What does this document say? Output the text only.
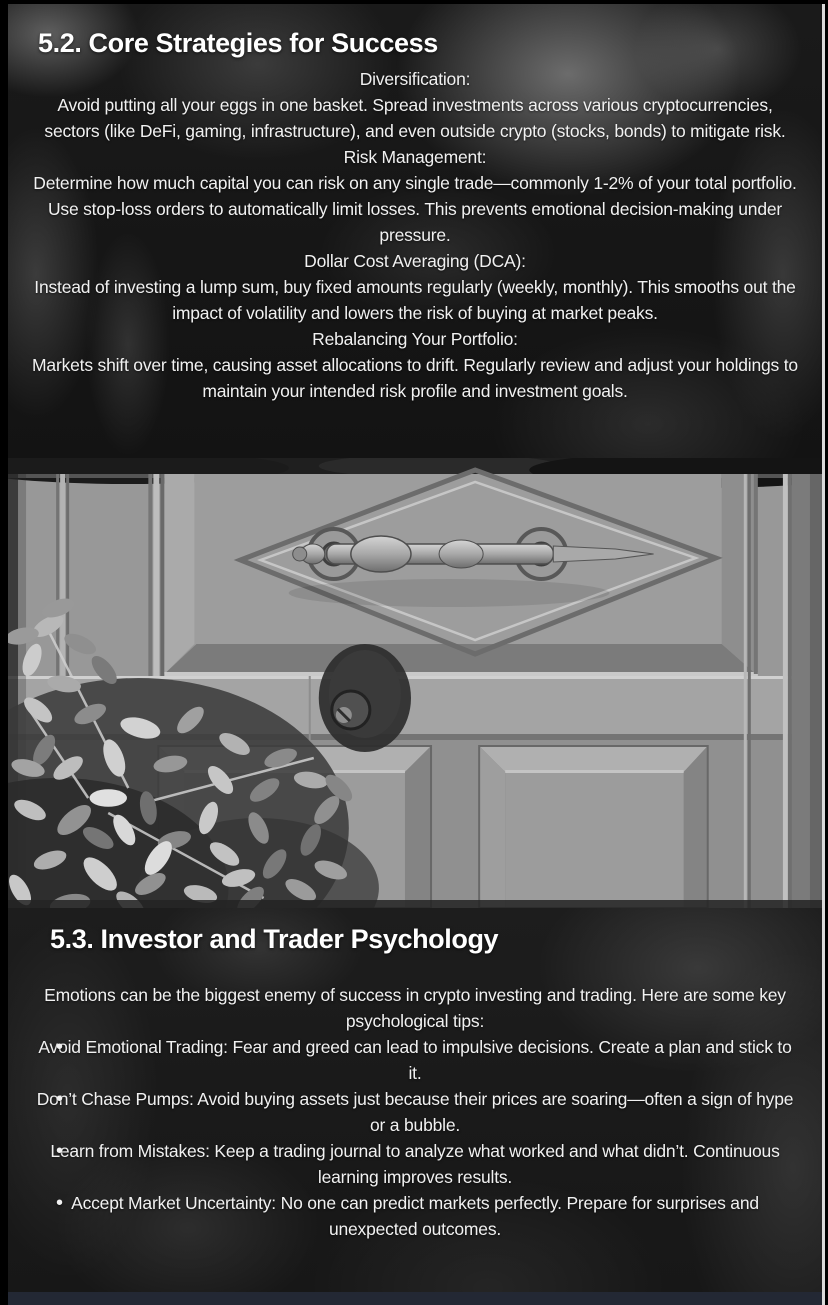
5.2. Core Strategies for Success

Diversification:

Avoid putting all your eggs in one basket. Spread investments across various cryptocurrencies, sectors (like DeFi, gaming, infrastructure), and even outside crypto (stocks, bonds) to mitigate risk.

Risk Management:

Determine how much capital you can risk on any single trade—commonly 1-2% of your total portfolio. Use stop-loss orders to automatically limit losses. This prevents emotional decision-making under pressure.

Dollar Cost Averaging (DCA):

Instead of investing a lump sum, buy fixed amounts regularly (weekly, monthly). This smooths out the impact of volatility and lowers the risk of buying at market peaks.

Rebalancing Your Portfolio:

Markets shift over time, causing asset allocations to drift. Regularly review and adjust your holdings to maintain your intended risk profile and investment goals.

5.3. Investor and Trader Psychology

Emotions can be the biggest enemy of success in crypto investing and trading. Here are some key psychological tips:

• Avoid Emotional Trading: Fear and greed can lead to impulsive decisions. Create a plan and stick to it.
• Don’t Chase Pumps: Avoid buying assets just because their prices are soaring—often a sign of hype or a bubble.
• Learn from Mistakes: Keep a trading journal to analyze what worked and what didn’t. Continuous learning improves results.
• Accept Market Uncertainty: No one can predict markets perfectly. Prepare for surprises and unexpected outcomes.
